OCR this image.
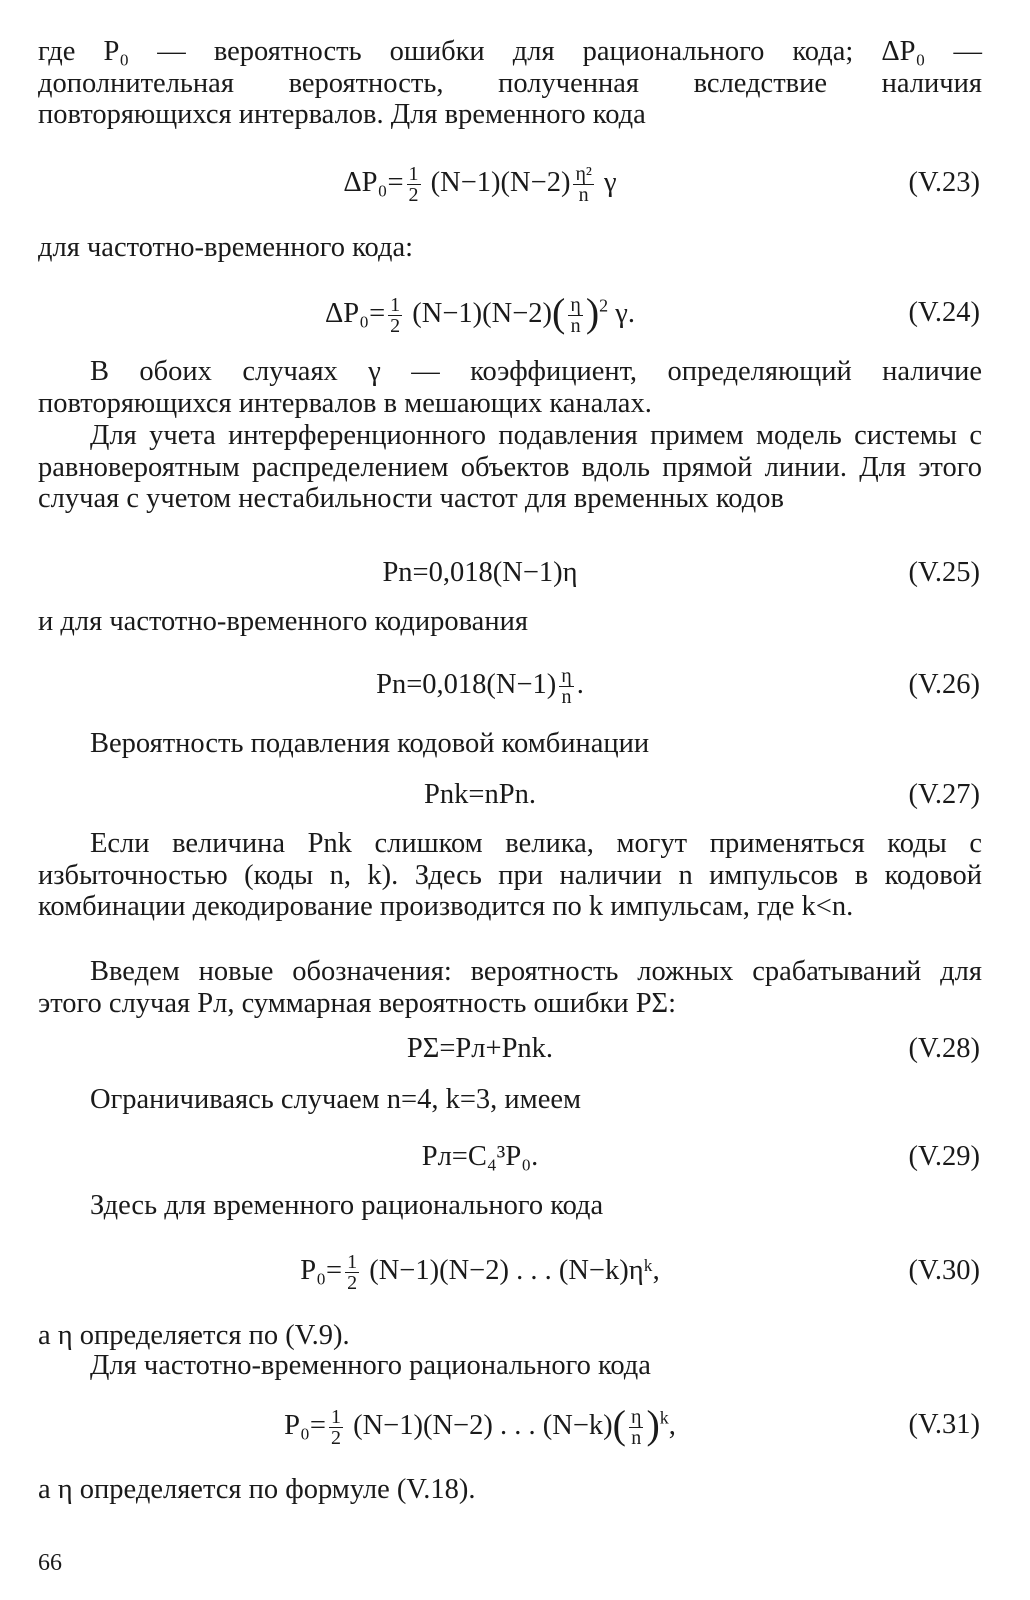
где P₀ — вероятность ошибки для рационального кода; ΔP₀ — дополнительная вероятность, полученная вследствие наличия повторяющихся интервалов. Для временного кода

$\Delta P_0= \frac{1}{2} (N-1)(N-2) \frac{\text{η²}}{n}$ γ	(V.23)

для частотно-временного кода:

$\Delta P_0= \frac{1}{2} (N-1)(N-2)( \frac{\eta}{n} )^2$ γ.	(V.24)

В обоих случаях γ — коэффициент, определяющий наличие повторяющихся интервалов в мешающих каналах.

Для учета интерференционного подавления примем модель системы с равновероятным распределением объектов вдоль прямой линии. Для этого случая с учетом нестабильности частот для временных кодов

Pn=0,018(N−1)η	(V.25)

и для частотно-временного кодирования

$Pn=0,018(N-1) \frac{\eta}{n}$ .	(V.26)

Вероятность подавления кодовой комбинации

Pnk=nPn.	(V.27)

Если величина Pnk слишком велика, могут применяться коды с избыточностью (коды n, k). Здесь при наличии n импульсов в кодовой комбинации декодирование производится по k импульсам, где k<n.

Введем новые обозначения: вероятность ложных срабатываний для этого случая Pл, суммарная вероятность ошибки PΣ:

PΣ=Pл+Pnk.	(V.28)

Ограничиваясь случаем n=4, k=3, имеем

Pл=C₄³P₀.	(V.29)

Здесь для временного рационального кода

$P_0= \frac{1}{2} (N-1)(N-2)$ . . . (N−k)ηᵏ,	(V.30)

а η определяется по (V.9).

Для частотно-временного рационального кода

$P_0= \frac{1}{2} (N-1)(N-2)$ . . . $(N-k)( \frac{\eta}{n} )^k$,	(V.31)

а η определяется по формуле (V.18).

66
